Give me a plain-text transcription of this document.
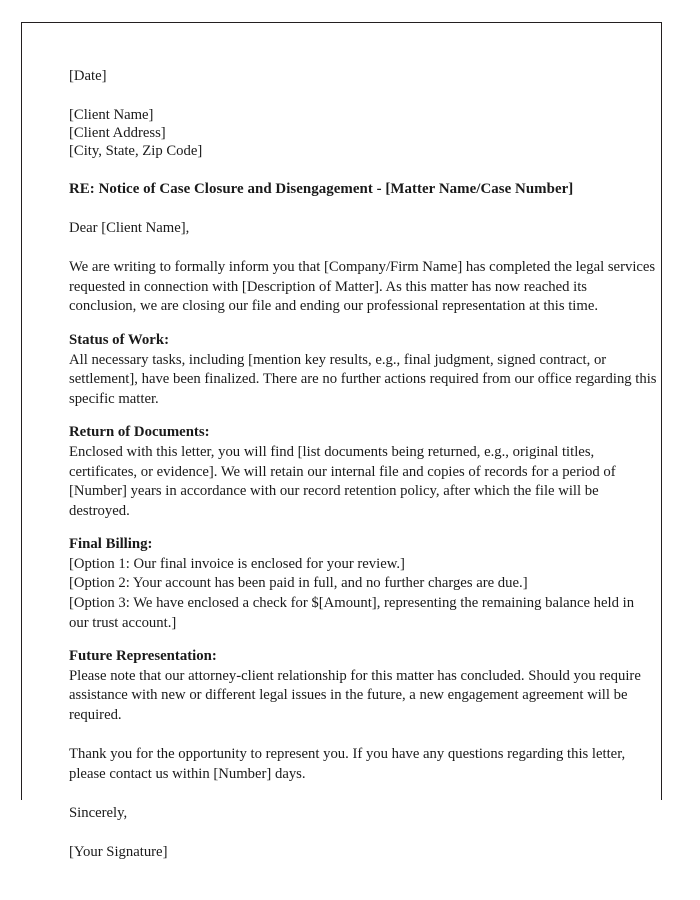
[Date]

[Client Name]

[Client Address]

[City, State, Zip Code]

RE: Notice of Case Closure and Disengagement - [Matter Name/Case Number]

Dear [Client Name],

We are writing to formally inform you that [Company/Firm Name] has completed the legal services requested in connection with [Description of Matter]. As this matter has now reached its conclusion, we are closing our file and ending our professional representation at this time.

Status of Work:

All necessary tasks, including [mention key results, e.g., final judgment, signed contract, or settlement], have been finalized. There are no further actions required from our office regarding this specific matter.

Return of Documents:

Enclosed with this letter, you will find [list documents being returned, e.g., original titles, certificates, or evidence]. We will retain our internal file and copies of records for a period of [Number] years in accordance with our record retention policy, after which the file will be destroyed.

Final Billing:

[Option 1: Our final invoice is enclosed for your review.]

[Option 2: Your account has been paid in full, and no further charges are due.]

[Option 3: We have enclosed a check for $[Amount], representing the remaining balance held in our trust account.]

Future Representation:

Please note that our attorney-client relationship for this matter has concluded. Should you require assistance with new or different legal issues in the future, a new engagement agreement will be required.

Thank you for the opportunity to represent you. If you have any questions regarding this letter, please contact us within [Number] days.

Sincerely,

[Your Signature]
